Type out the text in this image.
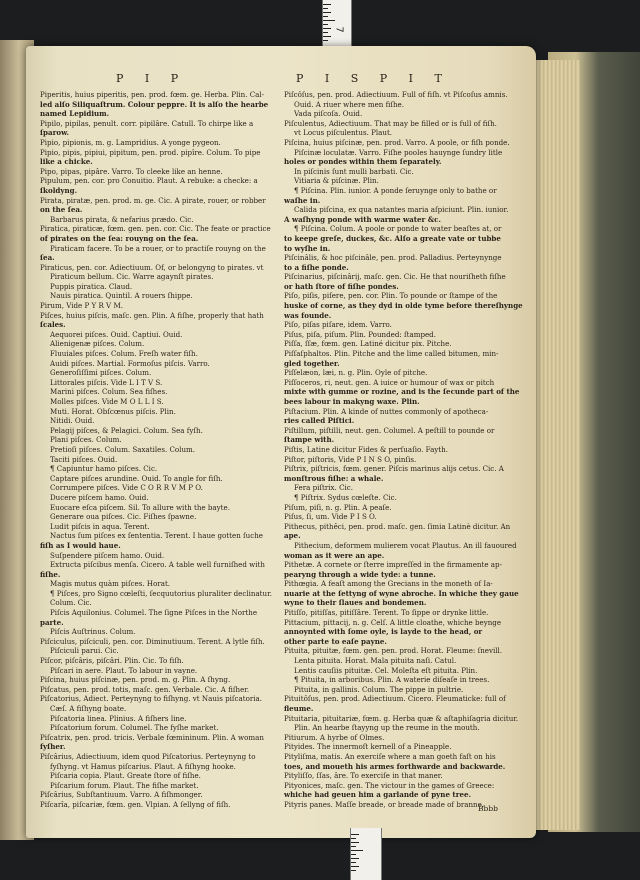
7
P I P	P I S P I T
Piperitis, huius piperitis, pen. prod. fœm. ge. Herba. Plin. Cal-
led alſo Siliquaſtrum. Colour peppre. It is alſo the hearbe
named Lepidium.
Pipilo, pipilas, penult. corr. pipilâre. Catull. To chirpe like a
ſparow.
Pipio, pipionis, m. g. Lampridius. A yonge pygeon.
Pipio, pipis, pipiui, pipitum, pen. prod. pipîre. Colum. To pipe
like a chicke.
Pipo, pipas, pipâre. Varro. To cleeke like an henne.
Pipulum, pen. cor. pro Conuitio. Plaut. A rebuke: a checke: a
ſkoldyng.
Pirata, piratæ, pen. prod. m. ge. Cic. A pirate, rouer, or robber
on the ſea.
Barbarus pirata, & nefarius prædo. Cic.
Piratica, piraticæ, fœm. gen. pen. cor. Cic. The feate or practice
of pirates on the ſea: rouyng on the ſea.
Piraticam facere. To be a rouer, or to practiſe rouyng on the
ſea.
Piraticus, pen. cor. Adiectiuum. Of, or belongyng to pirates. vt
Piraticum bellum. Cic. Warre agaynſt pirates.
Puppis piratica. Claud.
Nauis piratica. Quintil. A rouers ſhippe.
Pirum, Vide P Y R V M.
Piſces, huius piſcis, maſc. gen. Plin. A fiſhe, properly that hath
ſcales.
Aequorei piſces. Ouid. Captiui. Ouid.
Alienigenæ piſces. Colum.
Fluuiales piſces. Colum. Freſh water fiſh.
Auidi piſces. Martial. Formoſus piſcis. Varro.
Generoſiſſimi piſces. Colum.
Littorales piſcis. Vide L I T V S.
Marini piſces. Colum. Sea fiſhes.
Molles piſces. Vide M O L L I S.
Muti. Horat. Obſcœnus piſcis. Plin.
Nitidi. Ouid.
Pelagij piſces, & Pelagici. Colum. Sea fyſh.
Plani piſces. Colum.
Pretioſi piſces. Colum. Saxatiles. Colum.
Taciti piſces. Ouid.
¶ Capiuntur hamo piſces. Cic.
Captare piſces arundine. Ouid. To angle for fiſh.
Corrumpere piſces. Vide C O R R V M P O.
Ducere piſcem hamo. Ouid.
Euocare eſca piſcem. Sil. To allure with the bayte.
Generare oua piſces. Cic. Fiſhes ſpawne.
Ludit piſcis in aqua. Terent.
Nactus ſum piſces ex ſententia. Terent. I haue gotten ſuche
fiſh as I would haue.
Suſpendere piſcem hamo. Ouid.
Extructa piſcibus menſa. Cicero. A table well furniſhed with
fiſhe.
Magis mutus quàm piſces. Horat.
¶ Piſces, pro Signo cœleſti, ſecquutorius pluraliter declinatur.
Colum. Cic.
Piſcis Aquilonius. Columel. The ſigne Piſces in the Northe
parte.
Piſcis Auſtrinus. Colum.
Piſciculus, piſciculi, pen. cor. Diminutiuum. Terent. A lytle fiſh.
Piſciculi parui. Cic.
Piſcor, piſcâris, piſcâri. Plin. Cic. To fiſh.
Piſcari in aere. Plaut. To labour in vayne.
Piſcina, huius piſcinæ, pen. prod. m. g. Plin. A ſhyng.
Piſcatus, pen. prod. totis, maſc. gen. Verbale. Cic. A fiſher.
Piſcatorius, Adiect. Perteynyng to fiſhyng. vt Nauis piſcatoria.
Cæſ. A fiſhyng boate.
Piſcatoria linea. Plinius. A fiſhers line.
Piſcatorium forum. Columel. The fyſhe market.
Piſcatrix, pen. prod. tricis. Verbale fœmininum. Plin. A woman
fyſher.
Piſcârius, Adiectiuum, idem quod Piſcatorius. Perteynyng to
fyſhyng. vt Hamus piſcarius. Plaut. A fiſhyng hooke.
Piſcaria copia. Plaut. Greate ſtore of fiſhe.
Piſcarium forum. Plaut. The fiſhe market.
Piſcârius, Subſtantiuum. Varro. A fiſhmonger.
Piſcarîa, piſcariæ, fœm. gen. Vlpian. A ſellyng of fiſh.
Piſcôſus, pen. prod. Adiectiuum. Full of fiſh. vt Piſcoſus amnis.
Ouid. A riuer where men fiſhe.
Vada piſcoſa. Ouid.
Piſculentus, Adiectiuum. That may be filled or is full of fiſh.
vt Locus piſculentus. Plaut.
Piſcina, huius piſcinæ, pen. prod. Varro. A poole, or fiſh ponde.
Piſcinæ loculatæ. Varro. Fiſhe pooles hauynge ſundry litle
holes or pondes within them ſeparately.
In piſcinis ſunt mulli barbati. Cic.
Vitiaria & piſcinæ. Plin.
¶ Piſcina. Plin. iunior. A ponde ſeruynge only to bathe or
waſhe in.
Calida piſcina, ex qua natantes maria aſpiciunt. Plin. iunior.
A waſhyng ponde with warme water &c.
¶ Piſcina. Colum. A poole or ponde to water beaſtes at, or
to keepe greſe, duckes, &c. Alſo a greate vate or tubbe
to wyſhe in.
Piſcinâlis, & hoc piſcinâle, pen. prod. Palladius. Perteynynge
to a fiſhe ponde.
Piſcinarius, piſcinârij, maſc. gen. Cic. He that nouriſheth fiſhe
or hath ſtore of fiſhe pondes.
Piſo, piſis, piſere, pen. cor. Plin. To pounde or ſtampe of the
huske of corne, as they dyd in olde tyme before thereſhynge
was founde.
Piſo, piſas piſare, idem. Varro.
Piſus, piſa, piſum. Plin. Pounded: ſtamped.
Piſſa, ſſæ, fœm. gen. Latiné dicitur pix. Pitche.
Piſſaſphaltos. Plin. Pitche and the lime called bitumen, min-
gled together.
Piſſelæon, læi, n. g. Plin. Oyle of pitche.
Piſſoceros, ri, neut. gen. A iuice or humour of wax or pitch
mixte with gumme or rozine, and is the ſecunde part of the
bees labour in makyng waxe. Plin.
Piſtacium. Plin. A kinde of nuttes commonly of apotheca-
ries called Piſtici.
Piſtillum, piſtilli, neut. gen. Columel. A peſtill to pounde or
ſtampe with.
Piſtis, Latine dicitur Fides & perſuaſio. Fayth.
Piſtor, piſtoris, Vide P I N S O, pinſis.
Piſtrix, piſtricis, fœm. gener. Piſcis marinus alijs cetus. Cic. A
monſtrous fiſhe: a whale.
Fera piſtrix. Cic.
¶ Piſtrix. Sydus cœleſte. Cic.
Piſum, piſi, n. g. Plin. A peaſe.
Piſus, ſi, um. Vide P I S O.
Pithecus, pithêci, pen. prod. maſc. gen. ſimia Latinè dicitur. An
ape.
Pithecium, deformem mulierem vocat Plautus. An ill fauoured
woman as it were an ape.
Pithetæ. A cornete or ſterre impreſſed in the firmamente ap-
pearyng through a wide tyde: a tunne.
Pithœgia. A feaſt among the Grecians in the moneth of Ia-
nuarie at the ſettyng of wyne abroche. In whiche they gaue
wyne to their ſlaues and bondemen.
Pitiſſo, pitiſſas, pitiſſâre. Terent. To ſippe or drynke little.
Pittacium, pittacij, n. g. Celſ. A little cloathe, whiche beynge
annoynted with ſome oyle, is layde to the head, or
other parte to eaſe payne.
Pituita, pituitæ, fœm. gen. pen. prod. Horat. Fleume: ſnevill.
Lenta pituita. Horat. Mala pituita naſi. Catul.
Lentis cauſiis pituitæ. Cel. Moleſta eſt pituita. Plin.
¶ Pituita, in arboribus. Plin. A waterie diſeaſe in trees.
Pituita, in gallinis. Colum. The pippe in pultrie.
Pituitôſus, pen. prod. Adiectiuum. Cicero. Fleumaticke: full of
fleume.
Pituitaria, pituitariæ, fœm. g. Herba quæ & aſtaphiſagria dicitur.
Plin. An hearbe ſtayyng up the reume in the mouth.
Pitiurum. A hyrbe of Olmes.
Pityides. The innermoſt kernell of a Pineapple.
Pityliſma, matis. An exerciſe where a man goeth faſt on his
toes, and moueth his armes forthwarde and backwarde.
Pityliſſo, ſſas, âre. To exerciſe in that maner.
Pityonices, maſc. gen. The victour in the games of Greece:
whiche had geuen him a garlande of pyne tree.
Pityris panes. Maſſe breade, or breade made of branne.
Bbbb
